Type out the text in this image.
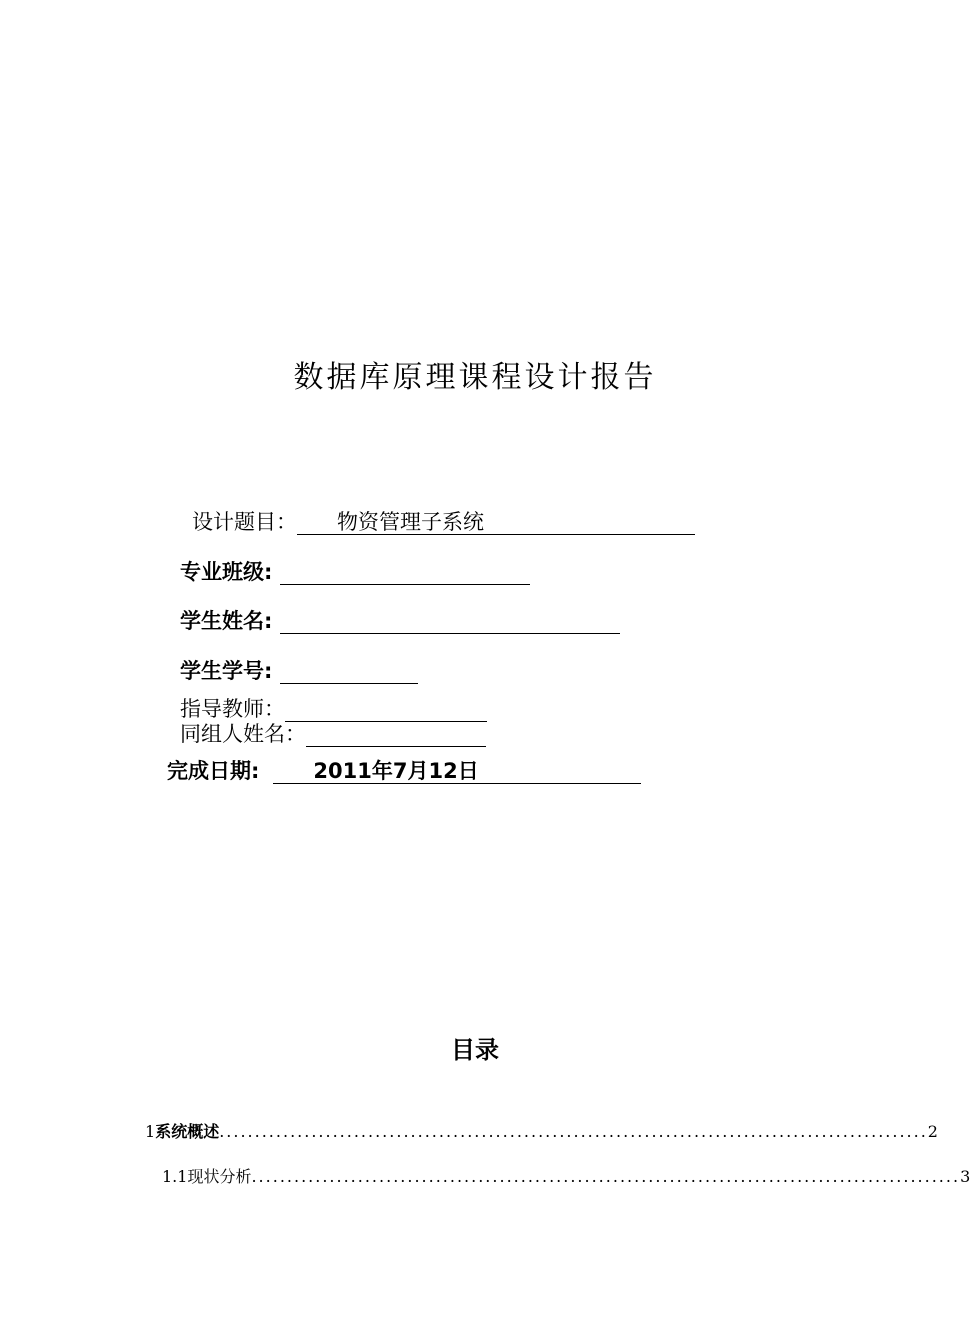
数据库原理课程设计报告
设计题目： 物资管理子系统
专业班级:
学生姓名:
学生学号:
指导教师：
同组人姓名：
完成日期:	2011年7月12日
目录
1 系统概述 .................................................................................................... 2
1.1 现状分析 .................................................................................................... 3
